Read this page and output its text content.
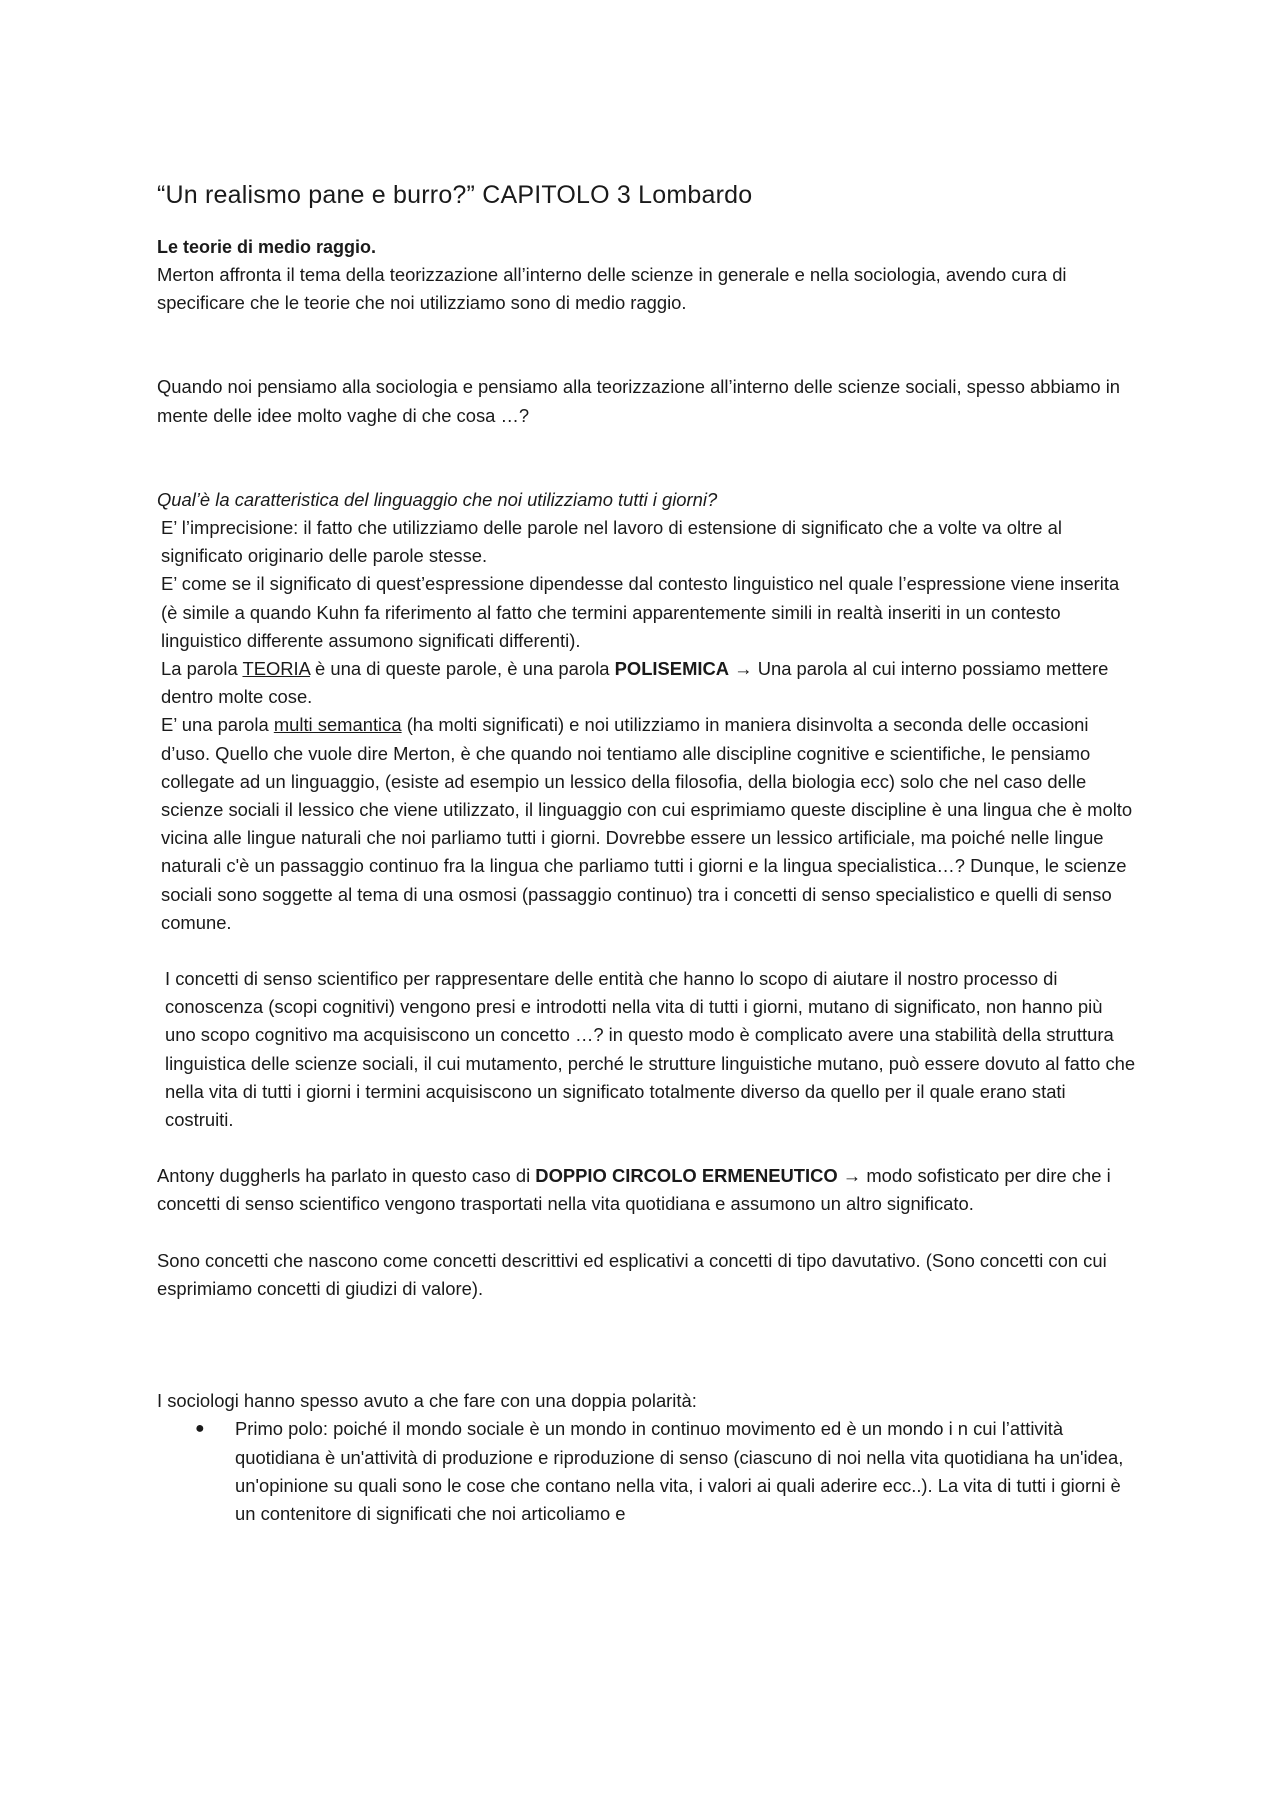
“Un realismo pane e burro?” CAPITOLO 3 Lombardo
Le teorie di medio raggio.

Merton affronta il tema della teorizzazione all’interno delle scienze in generale e nella sociologia, avendo cura di specificare che le teorie che noi utilizziamo sono di medio raggio.

Quando noi pensiamo alla sociologia e pensiamo alla teorizzazione all’interno delle scienze sociali, spesso abbiamo in mente delle idee molto vaghe di che cosa …?

Qual’è la caratteristica del linguaggio che noi utilizziamo tutti i giorni?

E’ l’imprecisione: il fatto che utilizziamo delle parole nel lavoro di estensione di significato che a volte va oltre al significato originario delle parole stesse.

E’ come se il significato di quest’espressione dipendesse dal contesto linguistico nel quale l’espressione viene inserita (è simile a quando Kuhn fa riferimento al fatto che termini apparentemente simili in realtà inseriti in un contesto linguistico differente assumono significati differenti).

La parola TEORIA è una di queste parole, è una parola POLISEMICA → Una parola al cui interno possiamo mettere dentro molte cose.

E’ una parola multi semantica (ha molti significati) e noi utilizziamo in maniera disinvolta a seconda delle occasioni d’uso. Quello che vuole dire Merton, è che quando noi tentiamo alle discipline cognitive e scientifiche, le pensiamo collegate ad un linguaggio, (esiste ad esempio un lessico della filosofia, della biologia ecc) solo che nel caso delle scienze sociali il lessico che viene utilizzato, il linguaggio con cui esprimiamo queste discipline è una lingua che è molto vicina alle lingue naturali che noi parliamo tutti i giorni. Dovrebbe essere un lessico artificiale, ma poiché nelle lingue naturali c'è un passaggio continuo fra la lingua che parliamo tutti i giorni e la lingua specialistica…? Dunque, le scienze sociali sono soggette al tema di una osmosi (passaggio continuo) tra i concetti di senso specialistico e quelli di senso comune.

I concetti di senso scientifico per rappresentare delle entità che hanno lo scopo di aiutare il nostro processo di conoscenza (scopi cognitivi) vengono presi e introdotti nella vita di tutti i giorni, mutano di significato, non hanno più uno scopo cognitivo ma acquisiscono un concetto …? in questo modo è complicato avere una stabilità della struttura linguistica delle scienze sociali, il cui mutamento, perché le strutture linguistiche mutano, può essere dovuto al fatto che nella vita di tutti i giorni i termini acquisiscono un significato totalmente diverso da quello per il quale erano stati costruiti.

Antony duggherls ha parlato in questo caso di DOPPIO CIRCOLO ERMENEUTICO → modo sofisticato per dire che i concetti di senso scientifico vengono trasportati nella vita quotidiana e assumono un altro significato.

Sono concetti che nascono come concetti descrittivi ed esplicativi a concetti di tipo davutativo. (Sono concetti con cui esprimiamo concetti di giudizi di valore).

I sociologi hanno spesso avuto a che fare con una doppia polarità:

● Primo polo: poiché il mondo sociale è un mondo in continuo movimento ed è un mondo i n cui l’attività quotidiana è un'attività di produzione e riproduzione di senso (ciascuno di noi nella vita quotidiana ha un'idea, un'opinione su quali sono le cose che contano nella vita, i valori ai quali aderire ecc..). La vita di tutti i giorni è un contenitore di significati che noi articoliamo e
